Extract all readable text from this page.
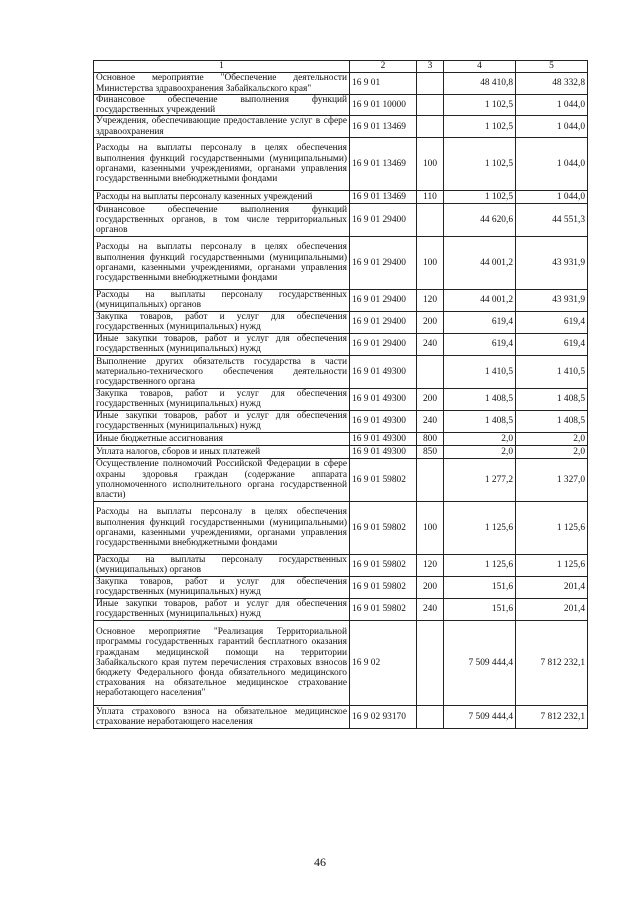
1	2	3	4	5
Основное мероприятие "Обеспечение деятельности Министерства здравоохранения Забайкальского края"	16 9 01		48 410,8	48 332,8
Финансовое обеспечение выполнения функций государственных учреждений	16 9 01 10000		1 102,5	1 044,0
Учреждения, обеспечивающие предоставление услуг в сфере здравоохранения	16 9 01 13469		1 102,5	1 044,0
Расходы на выплаты персоналу в целях обеспечения выполнения функций государственными (муниципальными) органами, казенными учреждениями, органами управления государственными внебюджетными фондами	16 9 01 13469	100	1 102,5	1 044,0
Расходы на выплаты персоналу казенных учреждений	16 9 01 13469	110	1 102,5	1 044,0
Финансовое обеспечение выполнения функций государственных органов, в том числе территориальных органов	16 9 01 29400		44 620,6	44 551,3
Расходы на выплаты персоналу в целях обеспечения выполнения функций государственными (муниципальными) органами, казенными учреждениями, органами управления государственными внебюджетными фондами	16 9 01 29400	100	44 001,2	43 931,9
Расходы на выплаты персоналу государственных (муниципальных) органов	16 9 01 29400	120	44 001,2	43 931,9
Закупка товаров, работ и услуг для обеспечения государственных (муниципальных) нужд	16 9 01 29400	200	619,4	619,4
Иные закупки товаров, работ и услуг для обеспечения государственных (муниципальных) нужд	16 9 01 29400	240	619,4	619,4
Выполнение других обязательств государства в части материально-технического обеспечения деятельности государственного органа	16 9 01 49300		1 410,5	1 410,5
Закупка товаров, работ и услуг для обеспечения государственных (муниципальных) нужд	16 9 01 49300	200	1 408,5	1 408,5
Иные закупки товаров, работ и услуг для обеспечения государственных (муниципальных) нужд	16 9 01 49300	240	1 408,5	1 408,5
Иные бюджетные ассигнования	16 9 01 49300	800	2,0	2,0
Уплата налогов, сборов и иных платежей	16 9 01 49300	850	2,0	2,0
Осуществление полномочий Российской Федерации в сфере охраны здоровья граждан (содержание аппарата уполномоченного исполнительного органа государственной власти)	16 9 01 59802		1 277,2	1 327,0
Расходы на выплаты персоналу в целях обеспечения выполнения функций государственными (муниципальными) органами, казенными учреждениями, органами управления государственными внебюджетными фондами	16 9 01 59802	100	1 125,6	1 125,6
Расходы на выплаты персоналу государственных (муниципальных) органов	16 9 01 59802	120	1 125,6	1 125,6
Закупка товаров, работ и услуг для обеспечения государственных (муниципальных) нужд	16 9 01 59802	200	151,6	201,4
Иные закупки товаров, работ и услуг для обеспечения государственных (муниципальных) нужд	16 9 01 59802	240	151,6	201,4
Основное мероприятие "Реализация Территориальной программы государственных гарантий бесплатного оказания гражданам медицинской помощи на территории Забайкальского края путем перечисления страховых взносов бюджету Федерального фонда обязательного медицинского страхования на обязательное медицинское страхование неработающего населения"	16 9 02		7 509 444,4	7 812 232,1
Уплата страхового взноса на обязательное медицинское страхование неработающего населения	16 9 02 93170		7 509 444,4	7 812 232,1
46
